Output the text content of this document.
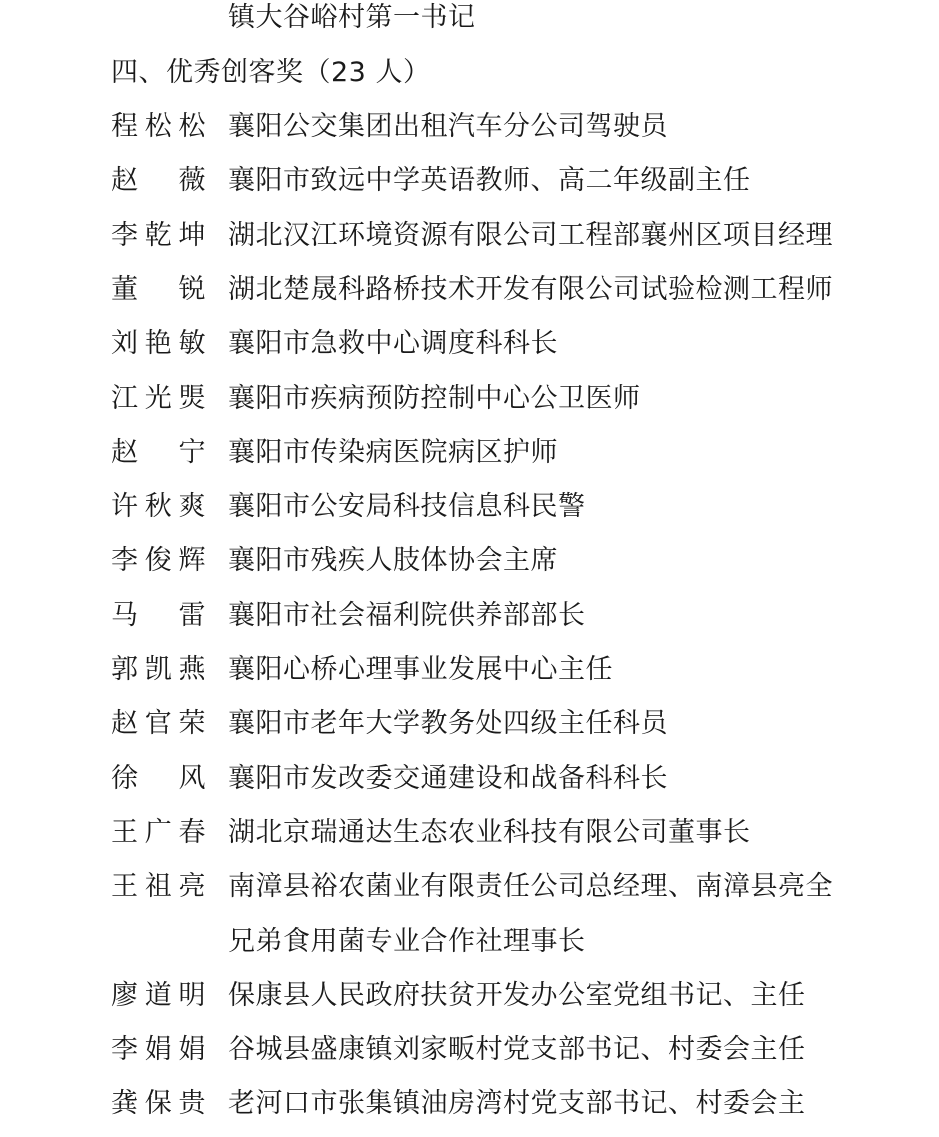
镇大谷峪村第一书记
四、优秀创客奖（23 人）
程 松 松 襄阳公交集团出租汽车分公司驾驶员
赵 薇 襄阳市致远中学英语教师、高二年级副主任
李 乾 坤 湖北汉江环境资源有限公司工程部襄州区项目经理
董 锐 湖北楚晟科路桥技术开发有限公司试验检测工程师
刘 艳 敏 襄阳市急救中心调度科科长
江 光 煚 襄阳市疾病预防控制中心公卫医师
赵 宁 襄阳市传染病医院病区护师
许 秋 爽 襄阳市公安局科技信息科民警
李 俊 辉 襄阳市残疾人肢体协会主席
马 雷 襄阳市社会福利院供养部部长
郭 凯 燕 襄阳心桥心理事业发展中心主任
赵 官 荣 襄阳市老年大学教务处四级主任科员
徐 风 襄阳市发改委交通建设和战备科科长
王 广 春 湖北京瑞通达生态农业科技有限公司董事长
王 祖 亮 南漳县裕农菌业有限责任公司总经理、南漳县亮全
兄弟食用菌专业合作社理事长
廖 道 明 保康县人民政府扶贫开发办公室党组书记、主任
李 娟 娟 谷城县盛康镇刘家畈村党支部书记、村委会主任
龚 保 贵 老河口市张集镇油房湾村党支部书记、村委会主
